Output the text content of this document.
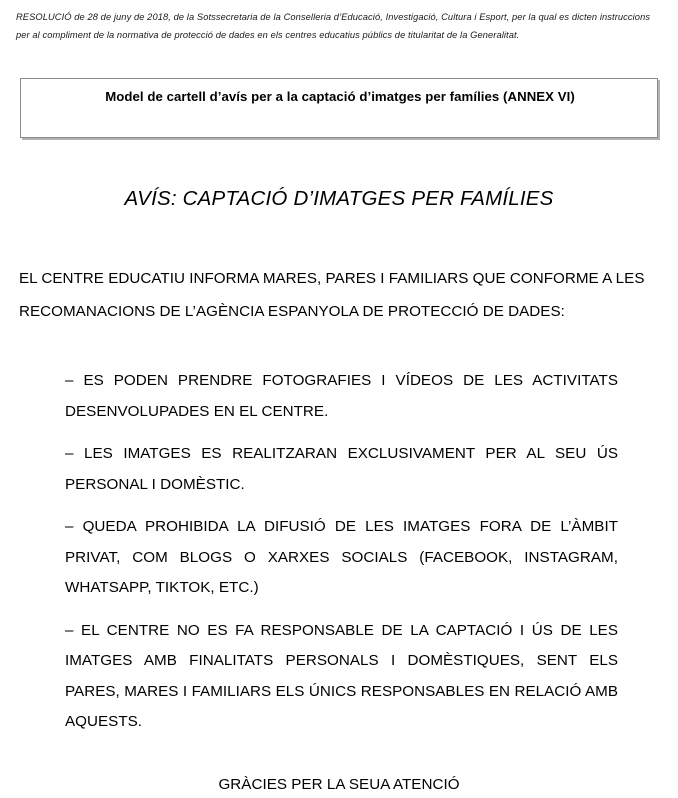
RESOLUCIÓ de 28 de juny de 2018, de la Sotssecretaria de la Conselleria d’Educació, Investigació, Cultura i Esport, per la qual es dicten instruccions per al compliment de la normativa de protecció de dades en els centres educatius públics de titularitat de la Generalitat.
Model de cartell d’avís per a la captació d’imatges per famílies (ANNEX VI)
AVÍS: CAPTACIÓ D’IMATGES PER FAMÍLIES
EL CENTRE EDUCATIU INFORMA MARES, PARES I FAMILIARS QUE CONFORME A LES RECOMANACIONS DE L’AGÈNCIA ESPANYOLA DE PROTECCIÓ DE DADES:
– ES PODEN PRENDRE FOTOGRAFIES I VÍDEOS DE LES ACTIVITATS DESENVOLUPADES EN EL CENTRE.
– LES IMATGES ES REALITZARAN EXCLUSIVAMENT PER AL SEU ÚS PERSONAL I DOMÈSTIC.
– QUEDA PROHIBIDA LA DIFUSIÓ DE LES IMATGES FORA DE L’ÀMBIT PRIVAT, COM BLOGS O XARXES SOCIALS (FACEBOOK, INSTAGRAM, WHATSAPP, TIKTOK, ETC.)
– EL CENTRE NO ES FA RESPONSABLE DE LA CAPTACIÓ I ÚS DE LES IMATGES AMB FINALITATS PERSONALS I DOMÈSTIQUES, SENT ELS PARES, MARES I FAMILIARS ELS ÚNICS RESPONSABLES EN RELACIÓ AMB AQUESTS.
GRÀCIES PER LA SEUA ATENCIÓ
